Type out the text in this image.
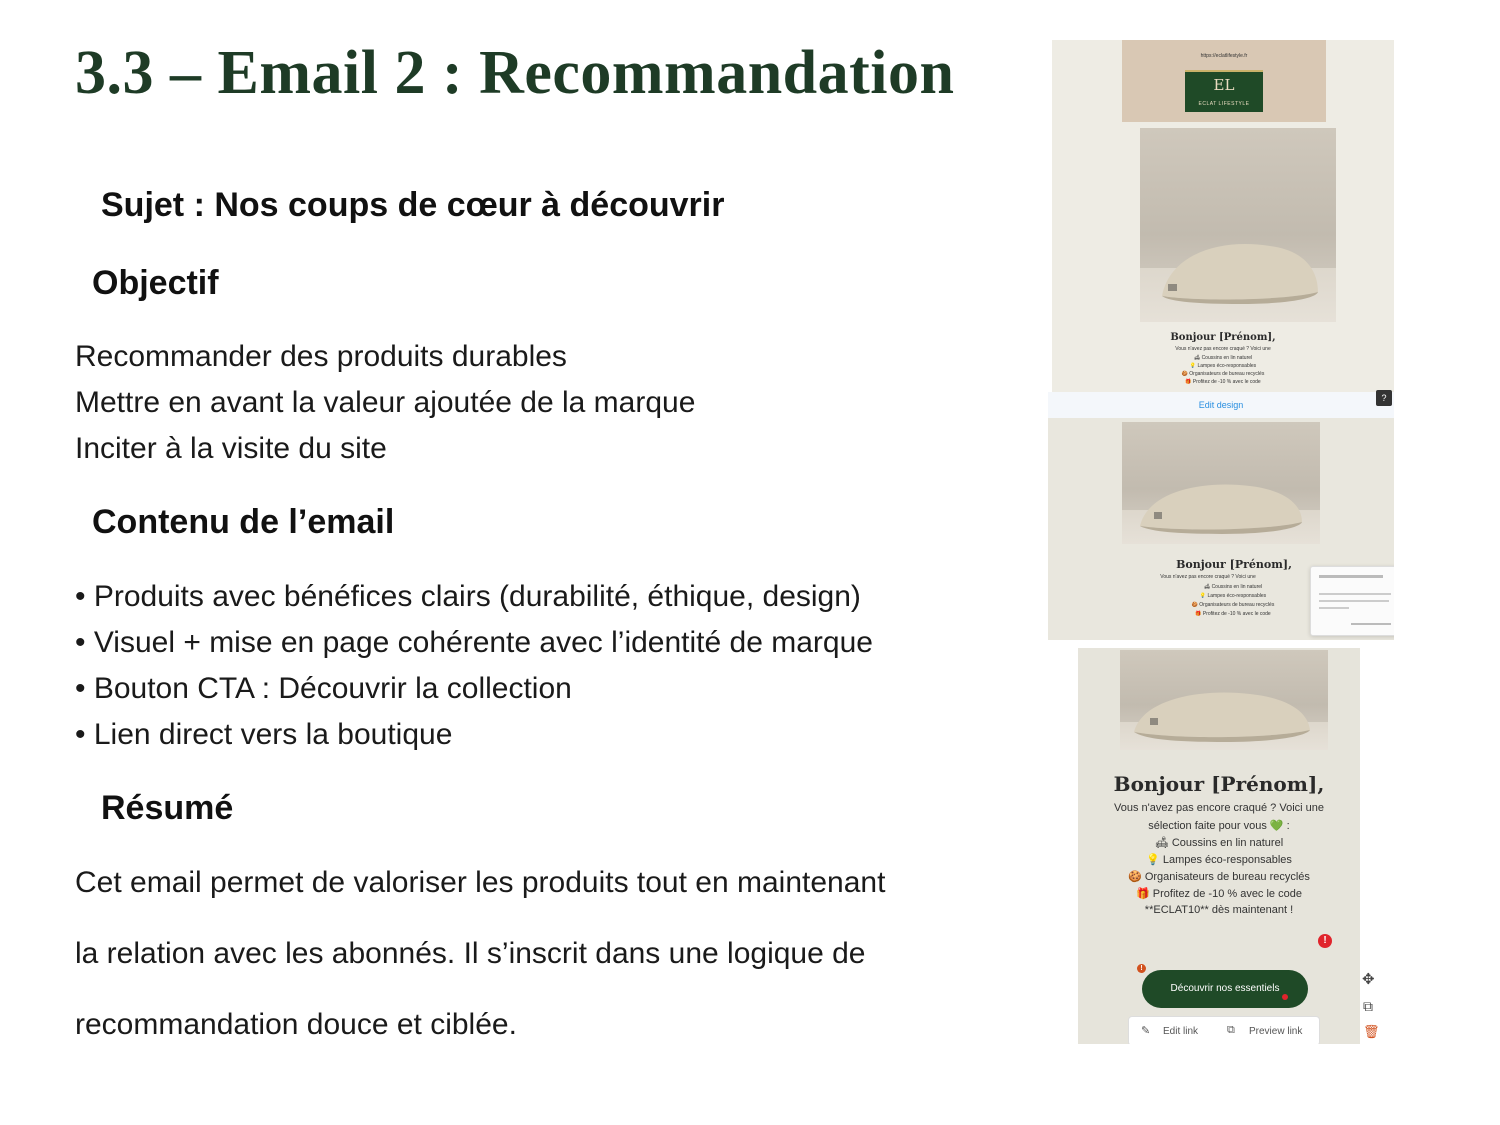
3.3 – Email 2 : Recommandation
Sujet : Nos coups de cœur à découvrir
Objectif
Recommander des produits durables
Mettre en avant la valeur ajoutée de la marque
Inciter à la visite du site
Contenu de l’email
• Produits avec bénéfices clairs (durabilité, éthique, design)
• Visuel + mise en page cohérente avec l’identité de marque
• Bouton CTA : Découvrir la collection
• Lien direct vers la boutique
Résumé
Cet email permet de valoriser les produits tout en maintenant
la relation avec les abonnés. Il s’inscrit dans une logique de
recommandation douce et ciblée.
https://eclatlifestyle.fr
EL
ECLAT LIFESTYLE
Bonjour [Prénom],
Vous n'avez pas encore craqué ? Voici une
🛋 Coussins en lin naturel
💡 Lampes éco-responsables
🍪 Organisateurs de bureau recyclés
🎁 Profitez de -10 % avec le code
Edit design
?
Bonjour [Prénom],
Vous n'avez pas encore craqué ? Voici une
🛋 Coussins en lin naturel
💡 Lampes éco-responsables
🍪 Organisateurs de bureau recyclés
🎁 Profitez de -10 % avec le code
Bonjour [Prénom],
Vous n'avez pas encore craqué ? Voici une
sélection faite pour vous 💚 :
🛋 Coussins en lin naturel
💡 Lampes éco-responsables
🍪 Organisateurs de bureau recyclés
🎁 Profitez de -10 % avec le code
**ECLAT10** dès maintenant !
!
!
Découvrir nos essentiels
✎ Edit link	⧉ Preview link
✥
⧉
🗑
